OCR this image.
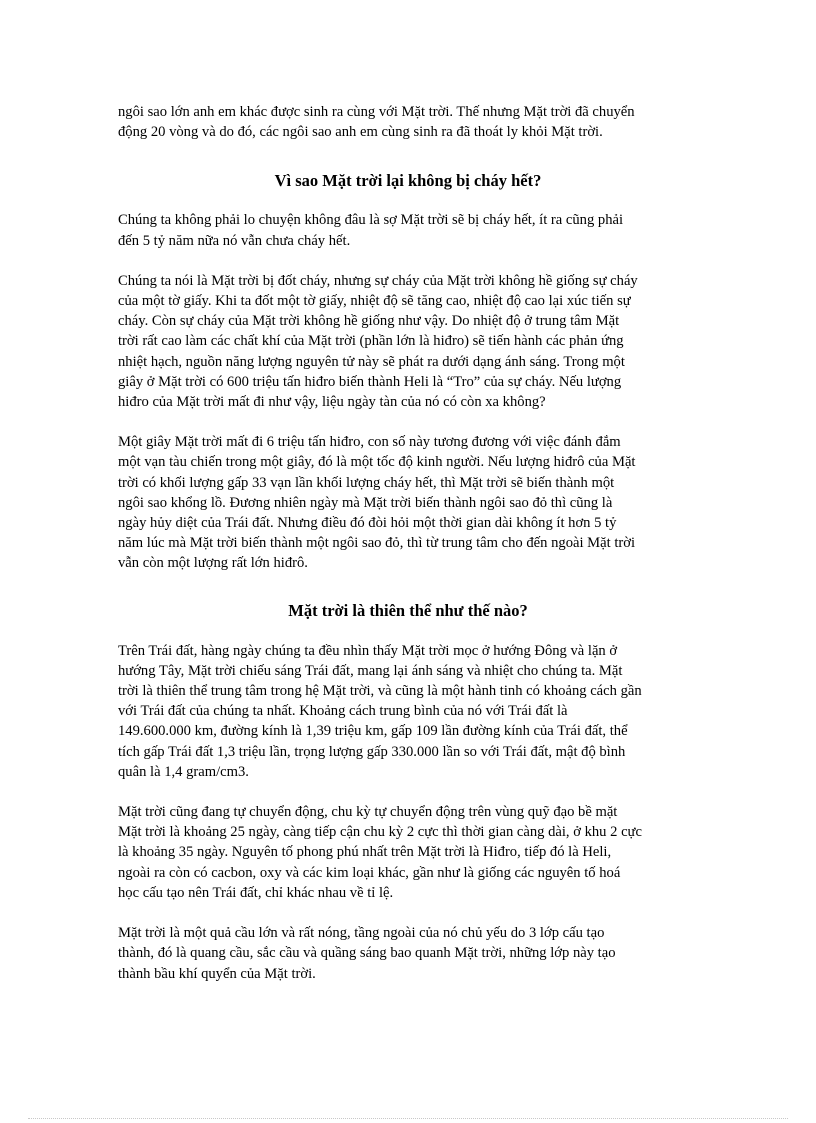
ngôi sao lớn anh em khác được sinh ra cùng với Mặt trời. Thế nhưng Mặt trời đã chuyển
động 20 vòng và do đó, các ngôi sao anh em cùng sinh ra đã thoát ly khỏi Mặt trời.

Vì sao Mặt trời lại không bị cháy hết?

Chúng ta không phải lo chuyện không đâu là sợ Mặt trời sẽ bị cháy hết, ít ra cũng phải
đến 5 tỷ năm nữa nó vẫn chưa cháy hết.

Chúng ta nói là Mặt trời bị đốt cháy, nhưng sự cháy của Mặt trời không hề giống sự cháy
của một tờ giấy. Khi ta đốt một tờ giấy, nhiệt độ sẽ tăng cao, nhiệt độ cao lại xúc tiến sự
cháy. Còn sự cháy của Mặt trời không hề giống như vậy. Do nhiệt độ ở trung tâm Mặt
trời rất cao làm các chất khí của Mặt trời (phần lớn là hiđro) sẽ tiến hành các phản ứng
nhiệt hạch, nguồn năng lượng nguyên tử này sẽ phát ra dưới dạng ánh sáng. Trong một
giây ở Mặt trời có 600 triệu tấn hiđro biến thành Heli là “Tro” của sự cháy. Nếu lượng
hiđro của Mặt trời mất đi như vậy, liệu ngày tàn của nó có còn xa không?

Một giây Mặt trời mất đi 6 triệu tấn hiđro, con số này tương đương với việc đánh đắm
một vạn tàu chiến trong một giây, đó là một tốc độ kinh người. Nếu lượng hiđrô của Mặt
trời có khối lượng gấp 33 vạn lần khối lượng cháy hết, thì Mặt trời sẽ biến thành một
ngôi sao khổng lồ. Đương nhiên ngày mà Mặt trời biến thành ngôi sao đỏ thì cũng là
ngày hủy diệt của Trái đất. Nhưng điều đó đòi hỏi một thời gian dài không ít hơn 5 tỷ
năm lúc mà Mặt trời biến thành một ngôi sao đỏ, thì từ trung tâm cho đến ngoài Mặt trời
vẫn còn một lượng rất lớn hiđrô.

Mặt trời là thiên thể như thế nào?

Trên Trái đất, hàng ngày chúng ta đều nhìn thấy Mặt trời mọc ở hướng Đông và lặn ở
hướng Tây, Mặt trời chiếu sáng Trái đất, mang lại ánh sáng và nhiệt cho chúng ta. Mặt
trời là thiên thể trung tâm trong hệ Mặt trời, và cũng là một hành tinh có khoảng cách gần
với Trái đất của chúng ta nhất. Khoảng cách trung bình của nó với Trái đất là
149.600.000 km, đường kính là 1,39 triệu km, gấp 109 lần đường kính của Trái đất, thể
tích gấp Trái đất 1,3 triệu lần, trọng lượng gấp 330.000 lần so với Trái đất, mật độ bình
quân là 1,4 gram/cm3.

Mặt trời cũng đang tự chuyển động, chu kỳ tự chuyển động trên vùng quỹ đạo bề mặt
Mặt trời là khoảng 25 ngày, càng tiếp cận chu kỳ 2 cực thì thời gian càng dài, ở khu 2 cực
là khoảng 35 ngày. Nguyên tố phong phú nhất trên Mặt trời là Hiđro, tiếp đó là Heli,
ngoài ra còn có cacbon, oxy và các kim loại khác, gần như là giống các nguyên tố hoá
học cấu tạo nên Trái đất, chỉ khác nhau về tỉ lệ.

Mặt trời là một quả cầu lớn và rất nóng, tầng ngoài của nó chủ yếu do 3 lớp cấu tạo
thành, đó là quang cầu, sắc cầu và quầng sáng bao quanh Mặt trời, những lớp này tạo
thành bầu khí quyển của Mặt trời.
